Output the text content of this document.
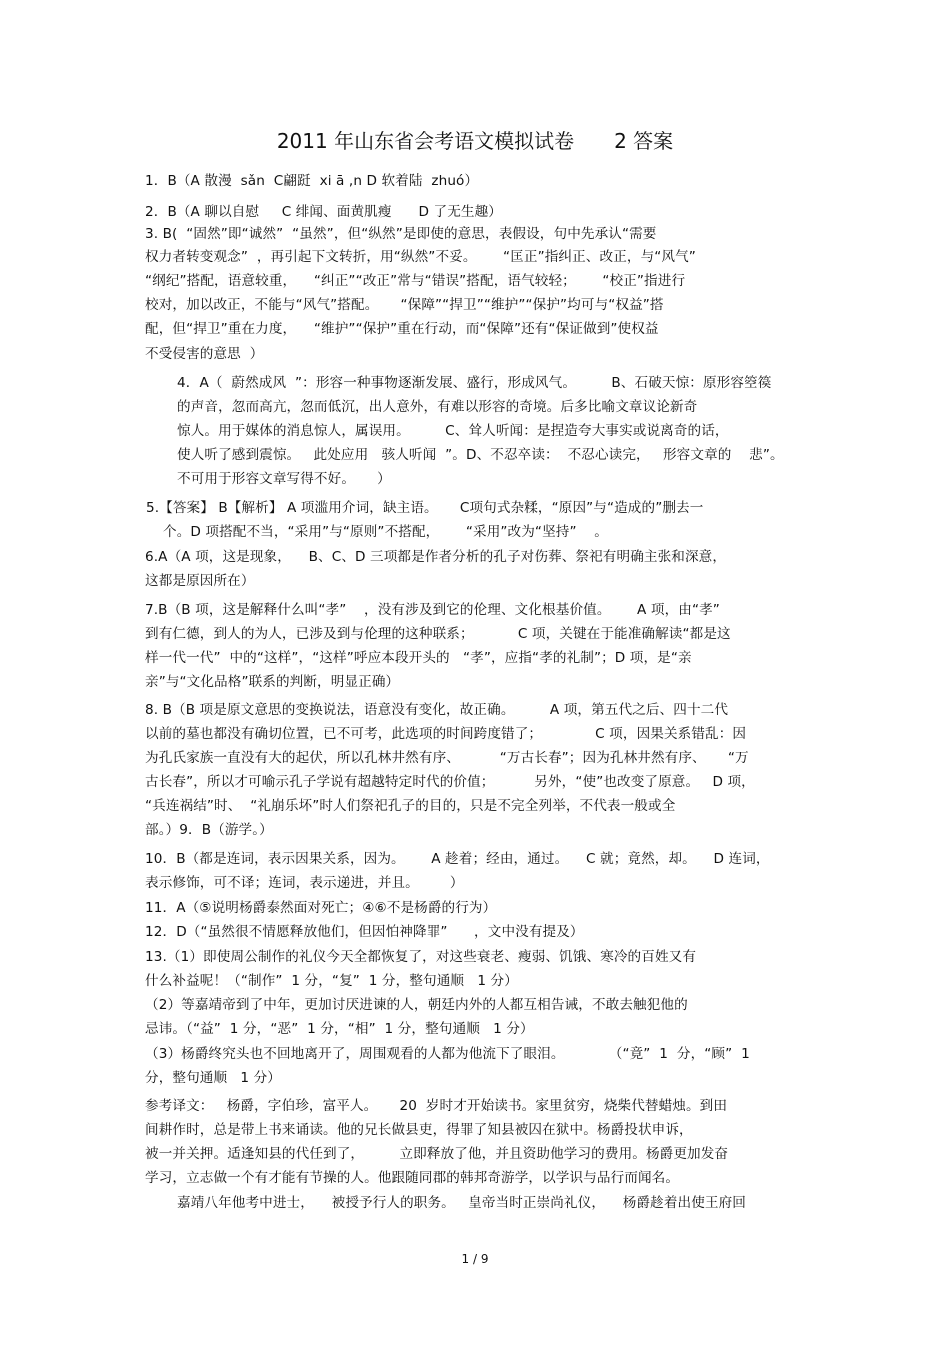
2011 年山东省会考语文模拟试卷　　2 答案
1．B（A 散漫  sǎn  C翩跹  xi ā ,n D 软着陆  zhuó）
2．B（A 聊以自慰　  C 绯闻、面黄肌瘦　   D 了无生趣）
3. B(  “固然”即“诚然”  “虽然”，但“纵然”是即使的意思，表假设，句中先承认“需要
权力者转变观念”  ，再引起下文转折，用“纵然”不妥。      “匡正”指纠正、改正，与“风气”
“纲纪”搭配，语意较重，    “纠正”“改正”常与“错误”搭配，语气较轻；      “校正”指进行
校对，加以改正，不能与“风气”搭配。     “保障”“捍卫”“维护”“保护”均可与“权益”搭
配，但“捍卫”重在力度，    “维护”“保护”重在行动，而“保障”还有“保证做到”使权益
不受侵害的意思  ）
4．A（  蔚然成风  ”：形容一种事物逐渐发展、盛行，形成风气。        B、石破天惊：原形容箜篌
的声音，忽而高亢，忽而低沉，出人意外，有难以形容的奇境。后多比喻文章议论新奇
惊人。用于媒体的消息惊人，属误用。        C、耸人听闻：是捏造夸大事实或说离奇的话，
使人听了感到震惊。   此处应用   骇人听闻  ”。D、不忍卒读：  不忍心读完，   形容文章的    悲”。
不可用于形容文章写得不好。     ）
5.【答案】 B【解析】 A 项滥用介词，缺主语。     C项句式杂糅，“原因”与“造成的”删去一
个。D 项搭配不当，“采用”与“原则”不搭配，      “采用”改为“坚持”    。
6.A（A 项，这是现象，    B、C、D 三项都是作者分析的孔子对伤葬、祭祀有明确主张和深意，
这都是原因所在）
7.B（B 项，这是解释什么叫“孝”    ，没有涉及到它的伦理、文化根基价值。      A 项，由“孝”
到有仁德，到人的为人，已涉及到与伦理的这种联系；          C 项，关键在于能准确解读“都是这
样一代一代”  中的“这样”，“这样”呼应本段开头的   “孝”，应指“孝的礼制”；D 项，是“亲
亲”与“文化品格”联系的判断，明显正确）
8. B（B 项是原文意思的变换说法，语意没有变化，故正确。        A 项，第五代之后、四十二代
以前的墓也都没有确切位置，已不可考，此选项的时间跨度错了；            C 项，因果关系错乱：因
为孔氏家族一直没有大的起伏，所以孔林井然有序、         “万古长春”；因为孔林井然有序、     “万
古长春”，所以才可喻示孔子学说有超越特定时代的价值；         另外，“使”也改变了原意。   D 项，
“兵连祸结”时、  “礼崩乐坏”时人们祭祀孔子的目的，只是不完全列举，不代表一般或全
部。）9．B（游学。）
10．B（都是连词，表示因果关系，因为。      A 趁着；经由，通过。    C 就；竟然，却。    D 连词，
表示修饰，可不译；连词，表示递进，并且。       ）
11．A（⑤说明杨爵泰然面对死亡；④⑥不是杨爵的行为）
12．D（“虽然很不情愿释放他们，但因怕神降罪”      ，文中没有提及）
13.（1）即使周公制作的礼仪今天全都恢复了，对这些衰老、瘦弱、饥饿、寒冷的百姓又有
什么补益呢！（“制作”  1 分，“复”  1 分，整句通顺   1 分）
（2）等嘉靖帝到了中年，更加讨厌进谏的人，朝廷内外的人都互相告诫，不敢去触犯他的
忌讳。（“益”  1 分，“恶”  1 分，“相”  1 分，整句通顺   1 分）
（3）杨爵终究头也不回地离开了，周围观看的人都为他流下了眼泪。          （“竟”  1  分，“顾”  1
分，整句通顺   1 分）
参考译文：   杨爵，字伯珍，富平人。     20  岁时才开始读书。家里贫穷，烧柴代替蜡烛。到田
间耕作时，总是带上书来诵读。他的兄长做县吏，得罪了知县被囚在狱中。杨爵投状申诉，
被一并关押。适逢知县的代任到了，        立即释放了他，并且资助他学习的费用。杨爵更加发奋
学习，立志做一个有才能有节操的人。他跟随同郡的韩邦奇游学，以学识与品行而闻名。
嘉靖八年他考中进士，    被授予行人的职务。   皇帝当时正崇尚礼仪，    杨爵趁着出使王府回
1 / 9
